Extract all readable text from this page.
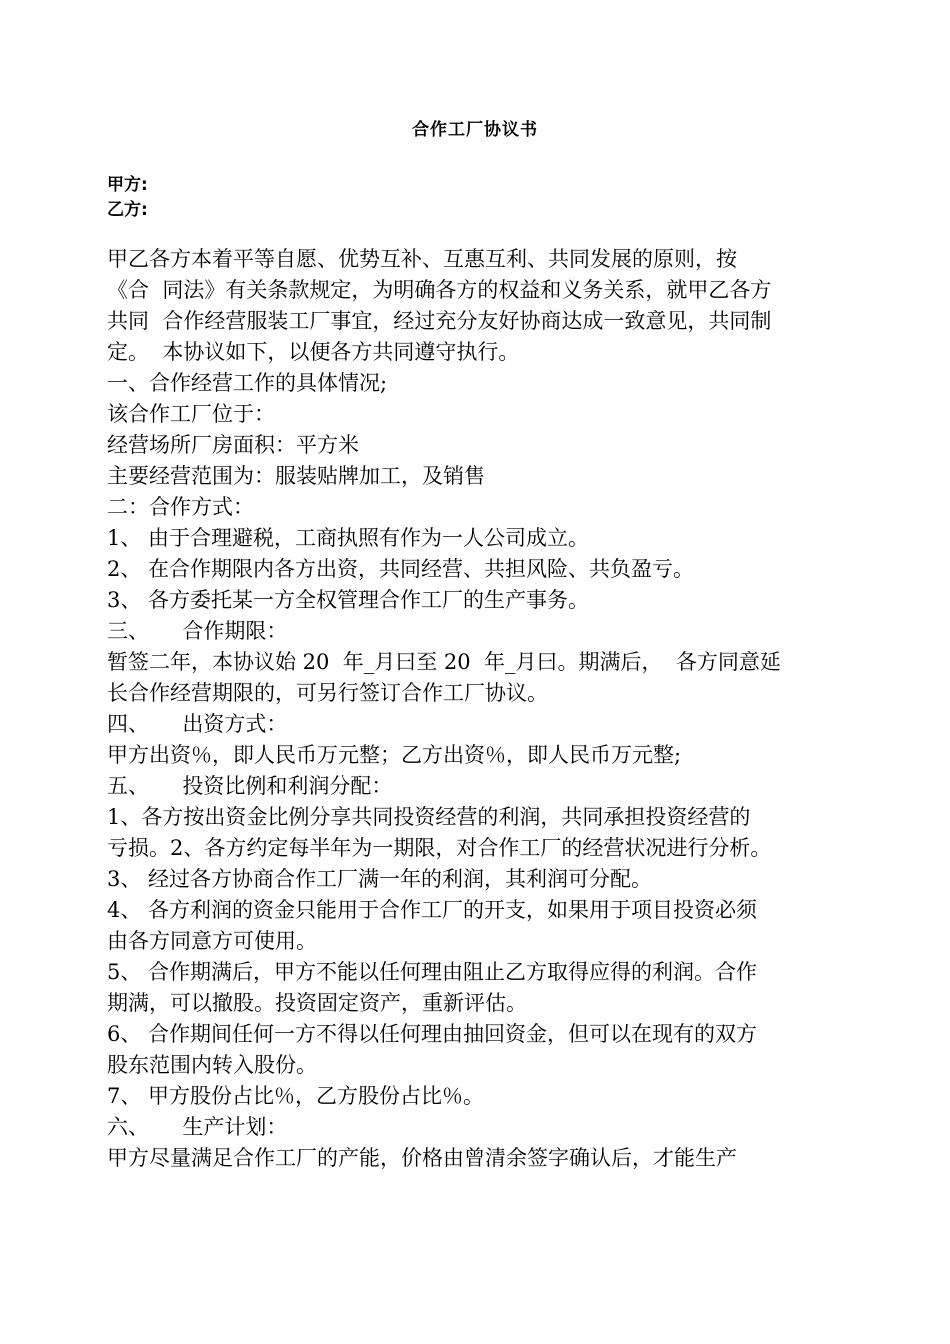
合作工厂协议书
甲方:
乙方:
甲乙各方本着平等自愿、优势互补、互惠互利、共同发展的原则，按
《合  同法》有关条款规定，为明确各方的权益和义务关系，就甲乙各方
共同  合作经营服装工厂事宜，经过充分友好协商达成一致意见，共同制
定。  本协议如下，以便各方共同遵守执行。
一、合作经营工作的具体情况;
该合作工厂位于：
经营场所厂房面积：平方米
主要经营范围为：服装贴牌加工，及销售
二：合作方式：
1、 由于合理避税，工商执照有作为一人公司成立。
2、 在合作期限内各方出资，共同经营、共担风险、共负盈亏。
3、 各方委托某一方全权管理合作工厂的生产事务。
三、     合作期限：
暂签二年，本协议始 20  年_月曰至 20  年_月曰。期满后，  各方同意延
长合作经营期限的，可另行签订合作工厂协议。
四、     出资方式：
甲方出资％，即人民币万元整；乙方出资％，即人民币万元整;
五、     投资比例和利润分配：
1、各方按出资金比例分享共同投资经营的利润，共同承担投资经营的
亏损。2、各方约定每半年为一期限，对合作工厂的经营状况进行分析。
3、 经过各方协商合作工厂满一年的利润，其利润可分配。
4、 各方利润的资金只能用于合作工厂的开支，如果用于项目投资必须
由各方同意方可使用。
5、 合作期满后，甲方不能以任何理由阻止乙方取得应得的利润。合作
期满，可以撤股。投资固定资产，重新评估。
6、 合作期间任何一方不得以任何理由抽回资金，但可以在现有的双方
股东范围内转入股份。
7、 甲方股份占比％，乙方股份占比％。
六、     生产计划：
甲方尽量满足合作工厂的产能，价格由曾清余签字确认后，才能生产
